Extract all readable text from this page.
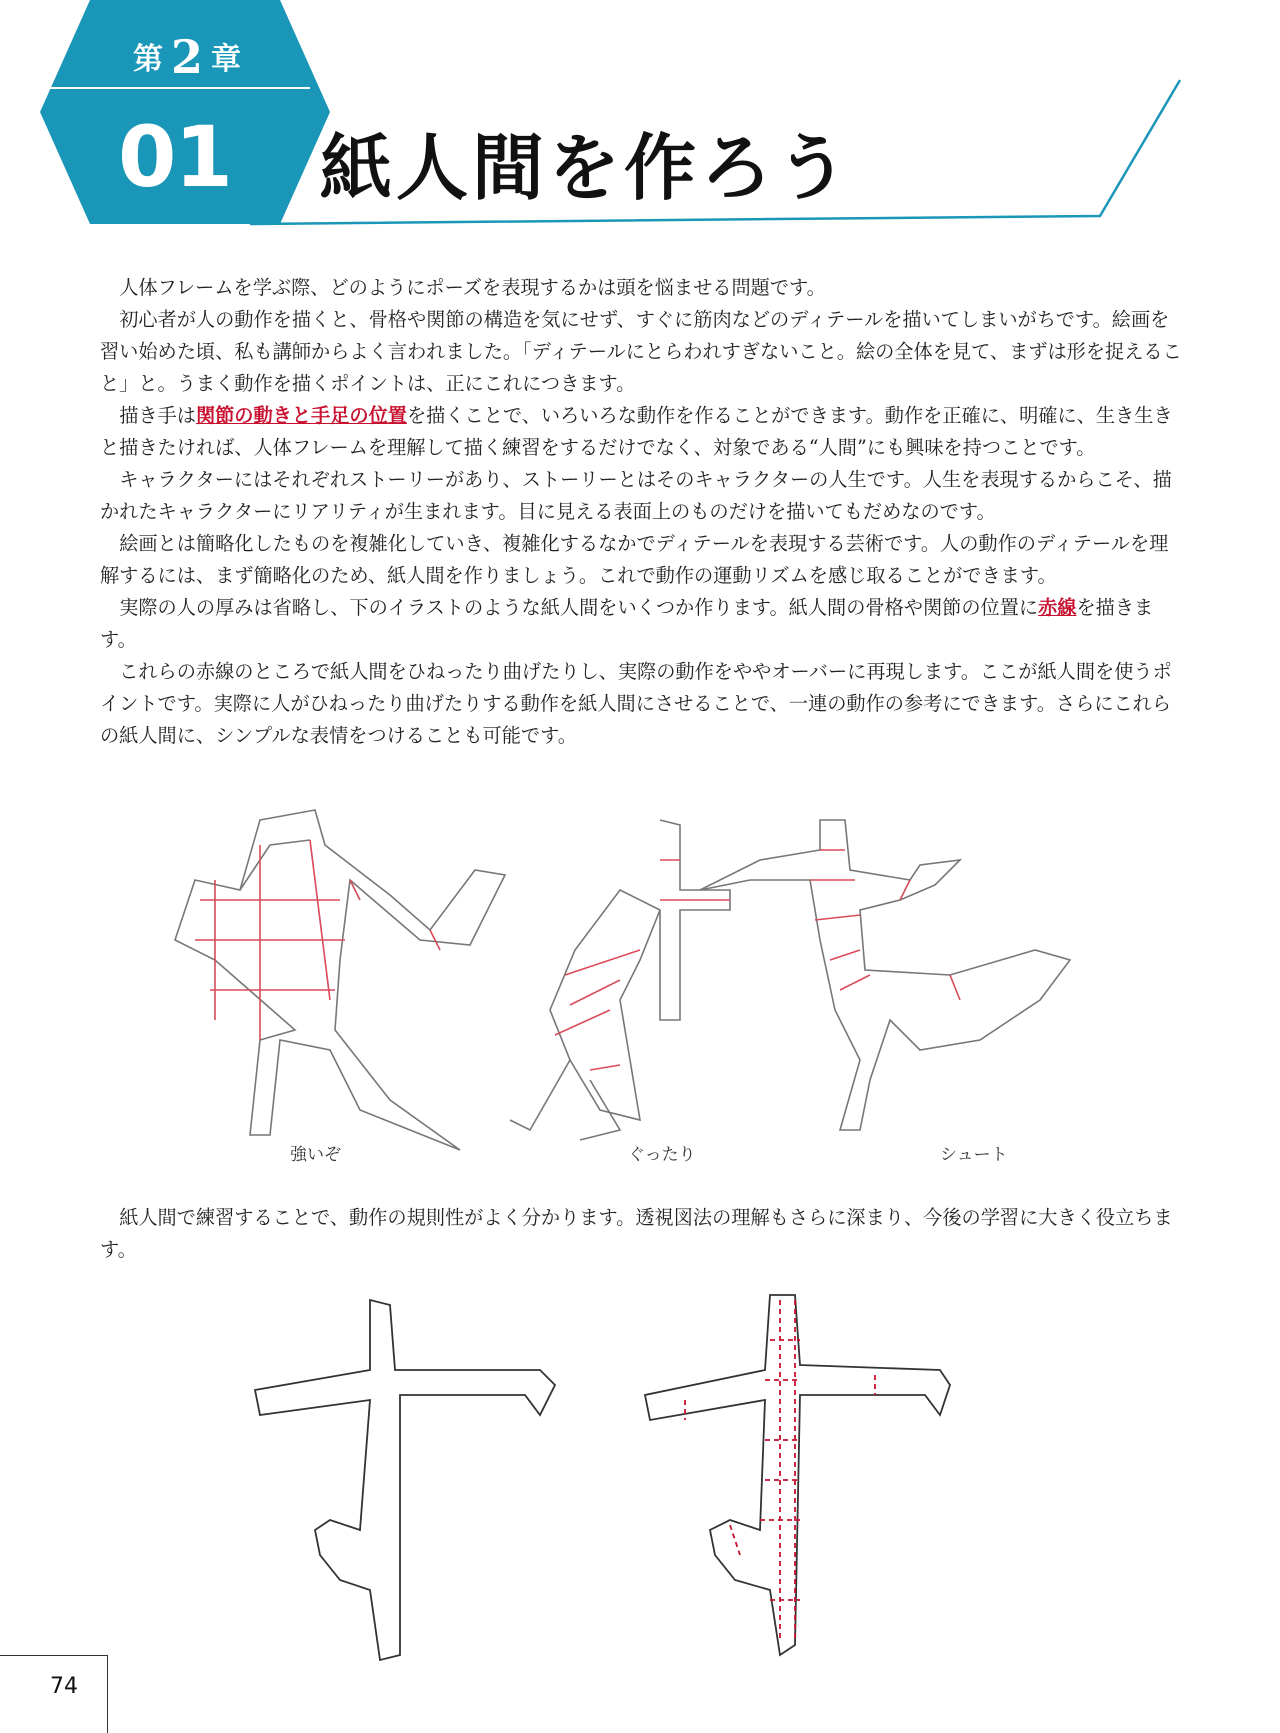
第 2 章
01 紙人間を作ろう

人体フレームを学ぶ際、どのようにポーズを表現するかは頭を悩ませる問題です。

初心者が人の動作を描くと、骨格や関節の構造を気にせず、すぐに筋肉などのディテールを描いてしまいがちです。絵画を習い始めた頃、私も講師からよく言われました。「ディテールにとらわれすぎないこと。絵の全体を見て、まずは形を捉えること」と。うまく動作を描くポイントは、正にこれにつきます。

描き手は関節の動きと手足の位置を描くことで、いろいろな動作を作ることができます。動作を正確に、明確に、生き生きと描きたければ、人体フレームを理解して描く練習をするだけでなく、対象である“人間”にも興味を持つことです。

キャラクターにはそれぞれストーリーがあり、ストーリーとはそのキャラクターの人生です。人生を表現するからこそ、描かれたキャラクターにリアリティが生まれます。目に見える表面上のものだけを描いてもだめなのです。

絵画とは簡略化したものを複雑化していき、複雑化するなかでディテールを表現する芸術です。人の動作のディテールを理解するには、まず簡略化のため、紙人間を作りましょう。これで動作の運動リズムを感じ取ることができます。

実際の人の厚みは省略し、下のイラストのような紙人間をいくつか作ります。紙人間の骨格や関節の位置に赤線を描きます。

これらの赤線のところで紙人間をひねったり曲げたりし、実際の動作をややオーバーに再現します。ここが紙人間を使うポイントです。実際に人がひねったり曲げたりする動作を紙人間にさせることで、一連の動作の参考にできます。さらにこれらの紙人間に、シンプルな表情をつけることも可能です。

強いぞ	ぐったり	シュート

紙人間で練習することで、動作の規則性がよく分かります。透視図法の理解もさらに深まり、今後の学習に大きく役立ちます。

74
